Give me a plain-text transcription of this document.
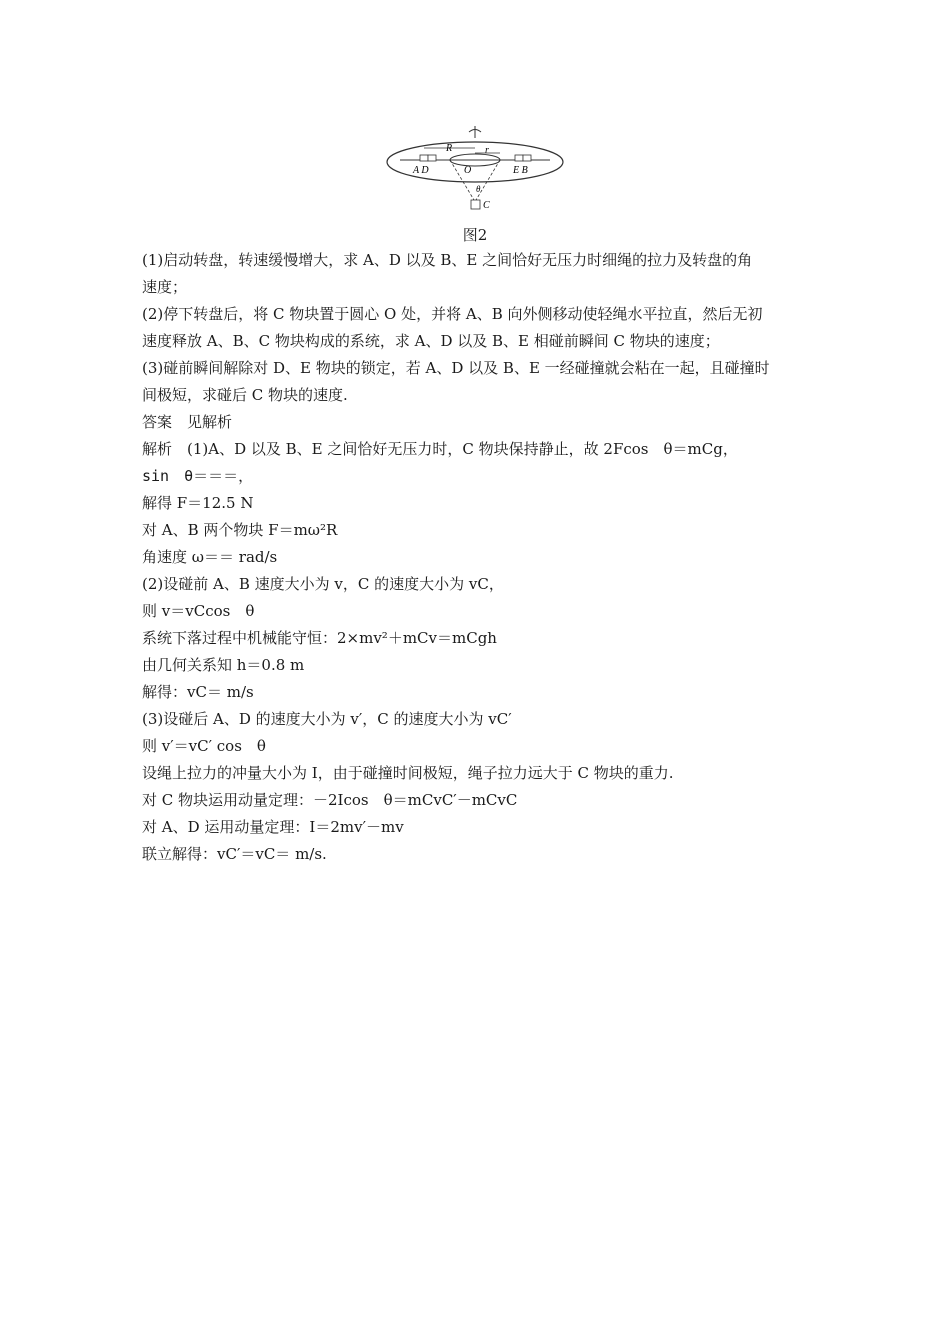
R	r
A D	E B
O
θ
C
图2
(1)启动转盘，转速缓慢增大，求 A、D 以及 B、E 之间恰好无压力时细绳的拉力及转盘的角
速度；
(2)停下转盘后，将 C 物块置于圆心 O 处，并将 A、B 向外侧移动使轻绳水平拉直，然后无初
速度释放 A、B、C 物块构成的系统，求 A、D 以及 B、E 相碰前瞬间 C 物块的速度；
(3)碰前瞬间解除对 D、E 物块的锁定，若 A、D 以及 B、E 一经碰撞就会粘在一起，且碰撞时
间极短，求碰后 C 物块的速度.
答案　见解析
解析　(1)A、D 以及 B、E 之间恰好无压力时，C 物块保持静止，故 2Fcos　θ＝mCg，
sin　θ＝＝＝，
解得 F＝12.5 N
对 A、B 两个物块 F＝mω²R
角速度 ω＝＝ rad/s
(2)设碰前 A、B 速度大小为 v，C 的速度大小为 vC，
则 v＝vCcos　θ
系统下落过程中机械能守恒：2×mv²＋mCv＝mCgh
由几何关系知 h＝0.8 m
解得：vC＝ m/s
(3)设碰后 A、D 的速度大小为 v′，C 的速度大小为 vC′
则 v′＝vC′ cos　θ
设绳上拉力的冲量大小为 I，由于碰撞时间极短，绳子拉力远大于 C 物块的重力.
对 C 物块运用动量定理：－2Icos　θ＝mCvC′－mCvC
对 A、D 运用动量定理：I＝2mv′－mv
联立解得：vC′＝vC＝ m/s.
